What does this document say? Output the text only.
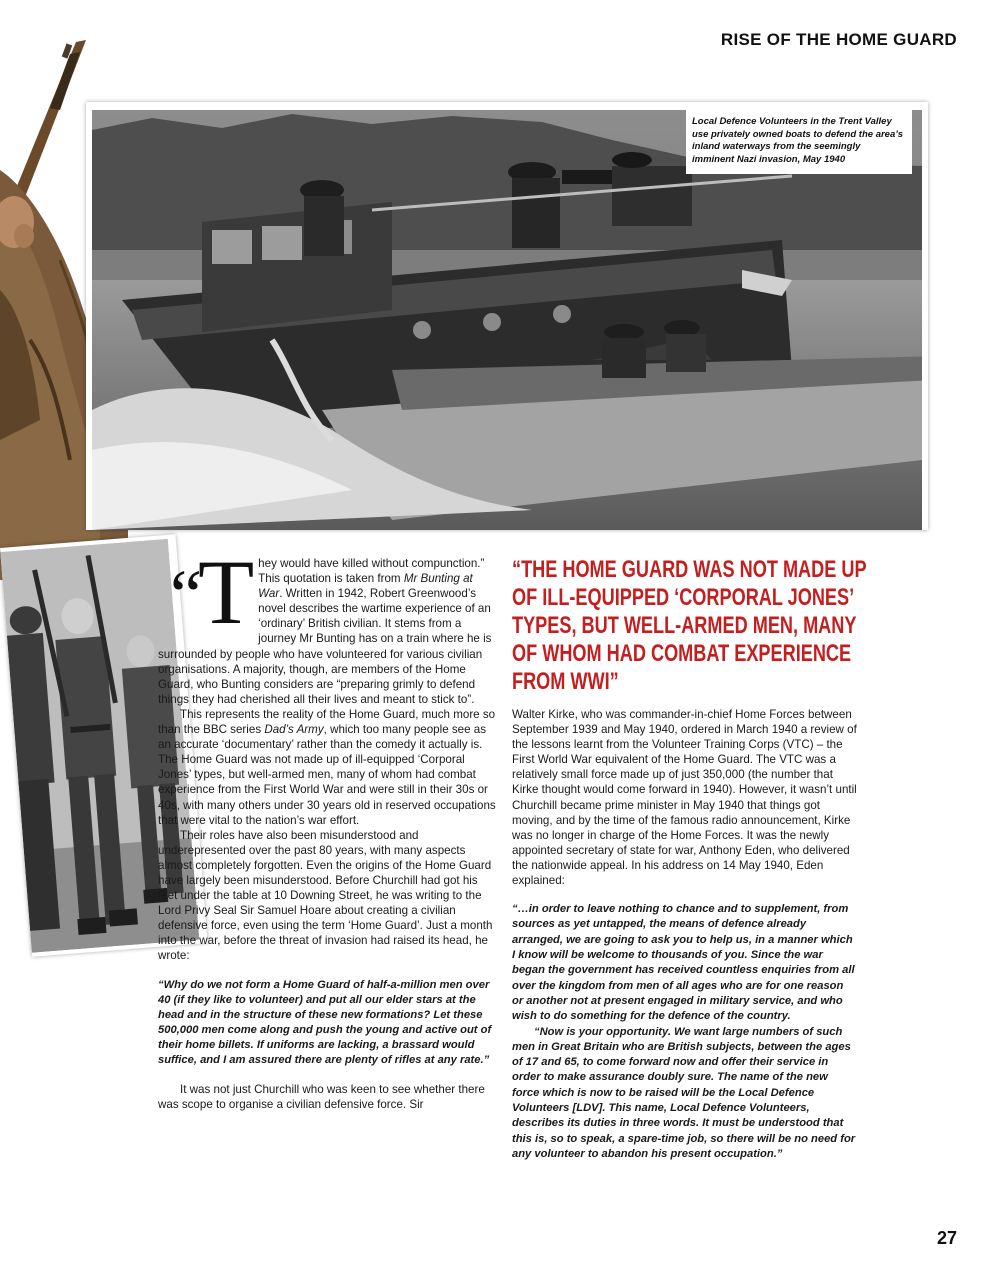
RISE OF THE HOME GUARD
Local Defence Volunteers in the Trent Valley use privately owned boats to defend the area’s inland waterways from the seemingly imminent Nazi invasion, May 1940
“T hey would have killed without compunction.” This quotation is taken from Mr Bunting at War. Written in 1942, Robert Greenwood’s novel describes the wartime experience of an ‘ordinary’ British civilian. It stems from a journey Mr Bunting has on a train where he is surrounded by people who have volunteered for various civilian organisations. A majority, though, are members of the Home Guard, who Bunting considers are “preparing grimly to defend things they had cherished all their lives and meant to stick to”.

This represents the reality of the Home Guard, much more so than the BBC series Dad’s Army, which too many people see as an accurate ‘documentary’ rather than the comedy it actually is. The Home Guard was not made up of ill-equipped ‘Corporal Jones’ types, but well-armed men, many of whom had combat experience from the First World War and were still in their 30s or 40s, with many others under 30 years old in reserved occupations that were vital to the nation’s war effort.

Their roles have also been misunderstood and underepresented over the past 80 years, with many aspects almost completely forgotten. Even the origins of the Home Guard have largely been misunderstood. Before Churchill had got his feet under the table at 10 Downing Street, he was writing to the Lord Privy Seal Sir Samuel Hoare about creating a civilian defensive force, even using the term ‘Home Guard’. Just a month into the war, before the threat of invasion had raised its head, he wrote:

“Why do we not form a Home Guard of half-a-million men over 40 (if they like to volunteer) and put all our elder stars at the head and in the structure of these new formations? Let these 500,000 men come along and push the young and active out of their home billets. If uniforms are lacking, a brassard would suffice, and I am assured there are plenty of rifles at any rate.”

It was not just Churchill who was keen to see whether there was scope to organise a civilian defensive force. Sir

“THE HOME GUARD WAS NOT MADE UP OF ILL-EQUIPPED ‘CORPORAL JONES’ TYPES, BUT WELL-ARMED MEN, MANY OF WHOM HAD COMBAT EXPERIENCE FROM WWI”

Walter Kirke, who was commander-in-chief Home Forces between September 1939 and May 1940, ordered in March 1940 a review of the lessons learnt from the Volunteer Training Corps (VTC) – the First World War equivalent of the Home Guard. The VTC was a relatively small force made up of just 350,000 (the number that Kirke thought would come forward in 1940). However, it wasn’t until Churchill became prime minister in May 1940 that things got moving, and by the time of the famous radio announcement, Kirke was no longer in charge of the Home Forces. It was the newly appointed secretary of state for war, Anthony Eden, who delivered the nationwide appeal. In his address on 14 May 1940, Eden explained:

“…in order to leave nothing to chance and to supplement, from sources as yet untapped, the means of defence already arranged, we are going to ask you to help us, in a manner which I know will be welcome to thousands of you. Since the war began the government has received countless enquiries from all over the kingdom from men of all ages who are for one reason or another not at present engaged in military service, and who wish to do something for the defence of the country.

“Now is your opportunity. We want large numbers of such men in Great Britain who are British subjects, between the ages of 17 and 65, to come forward now and offer their service in order to make assurance doubly sure. The name of the new force which is now to be raised will be the Local Defence Volunteers [LDV]. This name, Local Defence Volunteers, describes its duties in three words. It must be understood that this is, so to speak, a spare-time job, so there will be no need for any volunteer to abandon his present occupation.”

27
